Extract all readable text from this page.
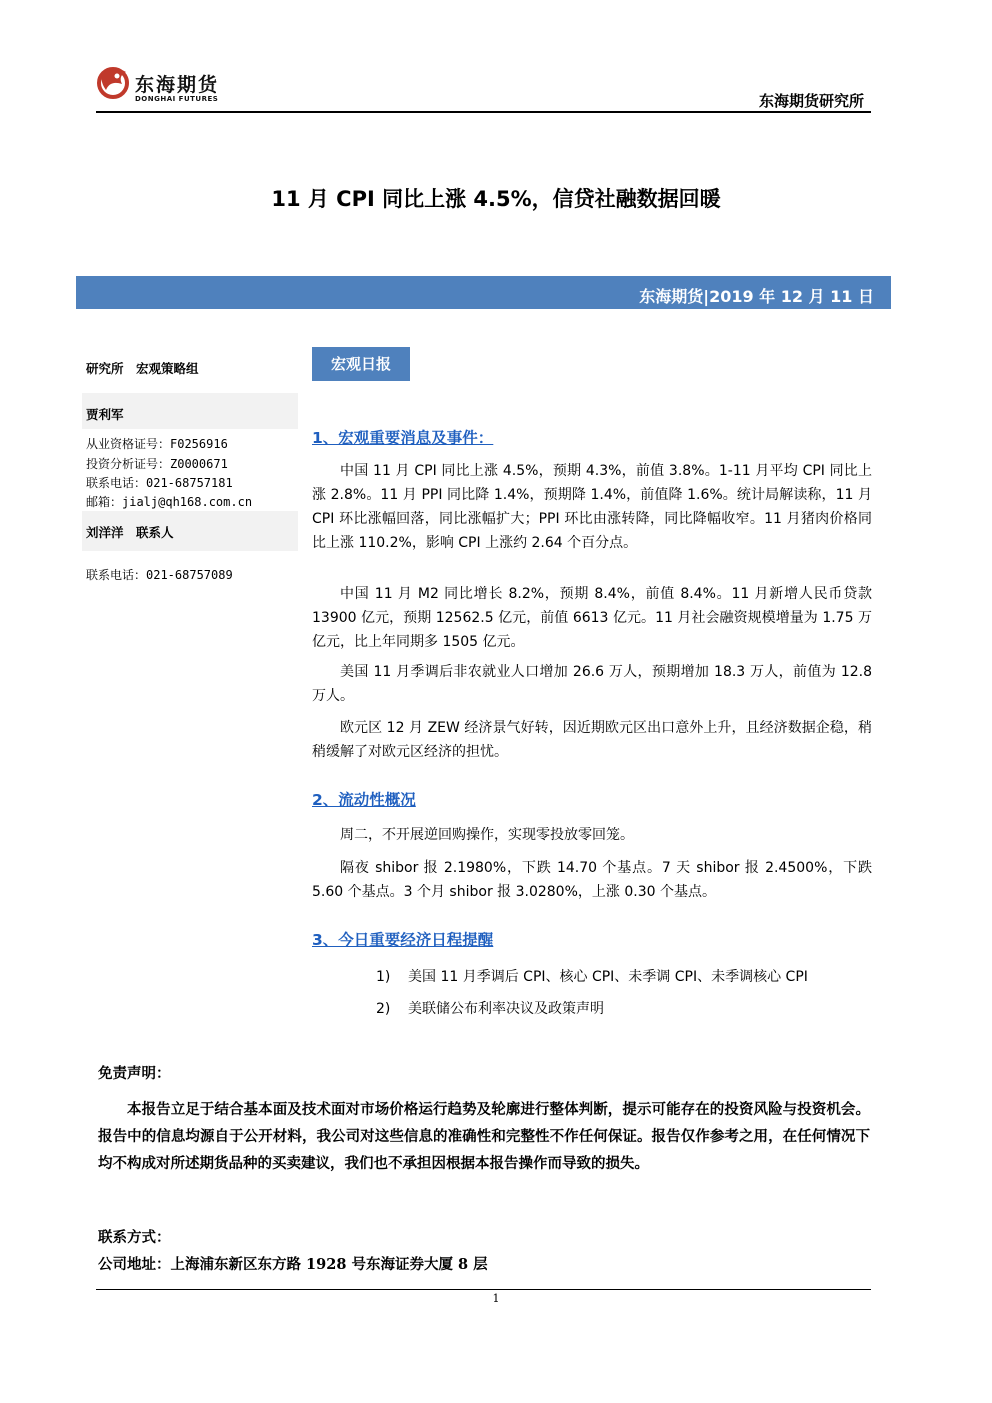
东海期货
DONGHAI FUTURES	东海期货研究所
11 月 CPI 同比上涨 4.5%，信贷社融数据回暖
东海期货|2019 年 12 月 11 日
研究所　宏观策略组
贾利军
从业资格证号：F0256916
投资分析证号：Z0000671
联系电话：021-68757181
邮箱：jialj@qh168.com.cn
刘洋洋　联系人
联系电话：021-68757089
宏观日报
1、宏观重要消息及事件：
中国 11 月 CPI 同比上涨 4.5%，预期 4.3%，前值 3.8%。1-11 月平均 CPI 同比上涨 2.8%。11 月 PPI 同比降 1.4%，预期降 1.4%，前值降 1.6%。统计局解读称，11 月 CPI 环比涨幅回落，同比涨幅扩大；PPI 环比由涨转降，同比降幅收窄。11 月猪肉价格同比上涨 110.2%，影响 CPI 上涨约 2.64 个百分点。
中国 11 月 M2 同比增长 8.2%，预期 8.4%，前值 8.4%。11 月新增人民币贷款 13900 亿元，预期 12562.5 亿元，前值 6613 亿元。11 月社会融资规模增量为 1.75 万亿元，比上年同期多 1505 亿元。
美国 11 月季调后非农就业人口增加 26.6 万人，预期增加 18.3 万人，前值为 12.8 万人。
欧元区 12 月 ZEW 经济景气好转，因近期欧元区出口意外上升，且经济数据企稳，稍稍缓解了对欧元区经济的担忧。
2、流动性概况
周二，不开展逆回购操作，实现零投放零回笼。
隔夜 shibor 报 2.1980%，下跌 14.70 个基点。7 天 shibor 报 2.4500%，下跌 5.60 个基点。3 个月 shibor 报 3.0280%，上涨 0.30 个基点。
3、今日重要经济日程提醒
1) 美国 11 月季调后 CPI、核心 CPI、未季调 CPI、未季调核心 CPI
2) 美联储公布利率决议及政策声明
免责声明：
本报告立足于结合基本面及技术面对市场价格运行趋势及轮廓进行整体判断，提示可能存在的投资风险与投资机会。报告中的信息均源自于公开材料，我公司对这些信息的准确性和完整性不作任何保证。报告仅作参考之用，在任何情况下均不构成对所述期货品种的买卖建议，我们也不承担因根据本报告操作而导致的损失。
联系方式：
公司地址：上海浦东新区东方路 1928 号东海证券大厦 8 层
1
